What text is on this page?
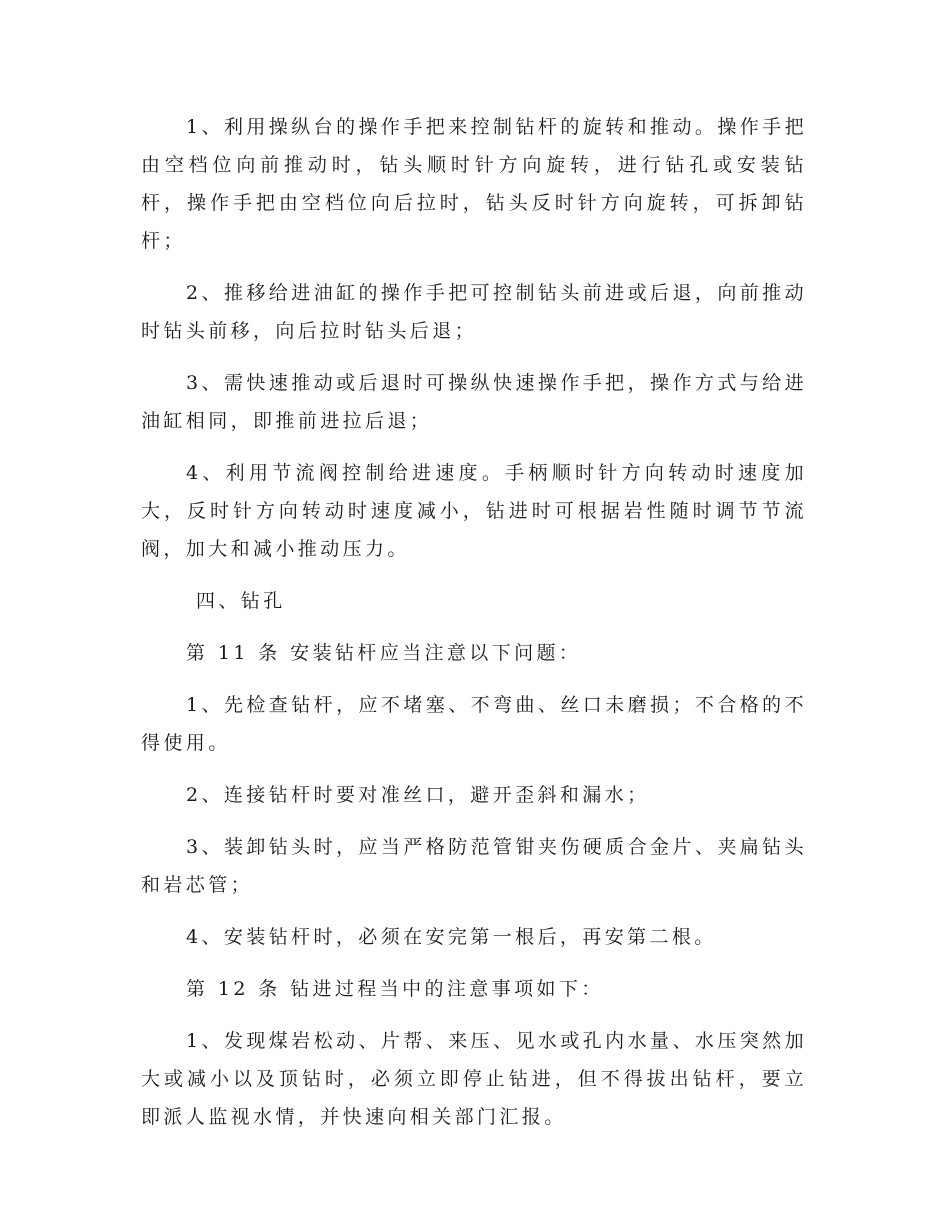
1、利用操纵台的操作手把来控制钻杆的旋转和推动。操作手把由空档位向前推动时，钻头顺时针方向旋转，进行钻孔或安装钻杆，操作手把由空档位向后拉时，钻头反时针方向旋转，可拆卸钻杆；

2、推移给进油缸的操作手把可控制钻头前进或后退，向前推动时钻头前移，向后拉时钻头后退；

3、需快速推动或后退时可操纵快速操作手把，操作方式与给进油缸相同，即推前进拉后退；

4、利用节流阀控制给进速度。手柄顺时针方向转动时速度加大，反时针方向转动时速度减小，钻进时可根据岩性随时调节节流阀，加大和减小推动压力。

四、钻孔

第 11 条 安装钻杆应当注意以下问题：

1、先检查钻杆，应不堵塞、不弯曲、丝口未磨损；不合格的不得使用。

2、连接钻杆时要对准丝口，避开歪斜和漏水；

3、装卸钻头时，应当严格防范管钳夹伤硬质合金片、夹扁钻头和岩芯管；

4、安装钻杆时，必须在安完第一根后，再安第二根。

第 12 条 钻进过程当中的注意事项如下：

1、发现煤岩松动、片帮、来压、见水或孔内水量、水压突然加大或减小以及顶钻时，必须立即停止钻进，但不得拔出钻杆，要立即派人监视水情，并快速向相关部门汇报。
